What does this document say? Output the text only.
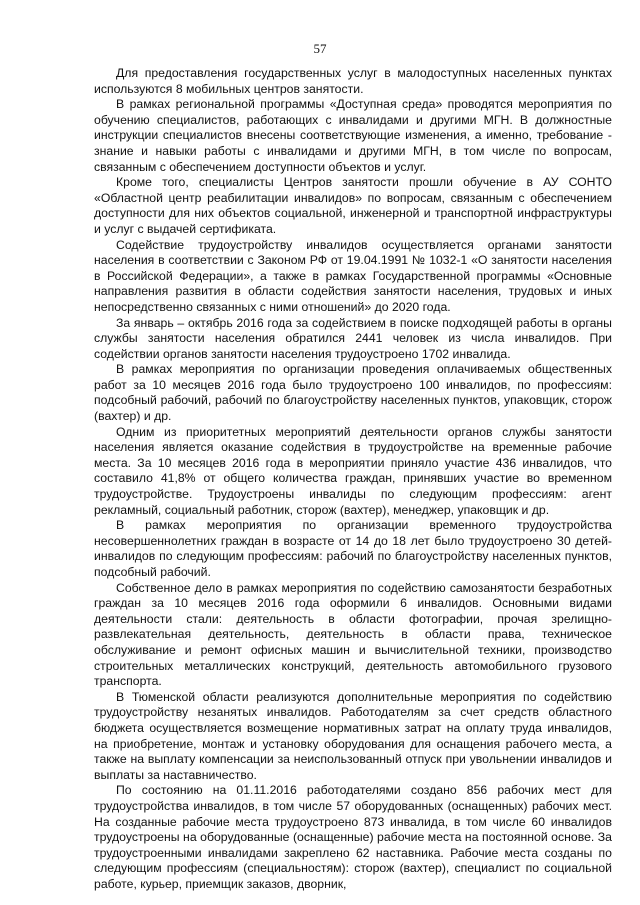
57

Для предоставления государственных услуг в малодоступных населенных пунктах используются 8 мобильных центров занятости.

В рамках региональной программы «Доступная среда» проводятся мероприятия по обучению специалистов, работающих с инвалидами и другими МГН. В должностные инструкции специалистов внесены соответствующие изменения, а именно, требование - знание и навыки работы с инвалидами и другими МГН, в том числе по вопросам, связанным с обеспечением доступности объектов и услуг.

Кроме того, специалисты Центров занятости прошли обучение в АУ СОНТО «Областной центр реабилитации инвалидов» по вопросам, связанным с обеспечением доступности для них объектов социальной, инженерной и транспортной инфраструктуры и услуг с выдачей сертификата.

Содействие трудоустройству инвалидов осуществляется органами занятости населения в соответствии с Законом РФ от 19.04.1991 № 1032-1 «О занятости населения в Российской Федерации», а также в рамках Государственной программы «Основные направления развития в области содействия занятости населения, трудовых и иных непосредственно связанных с ними отношений» до 2020 года.

За январь – октябрь 2016 года за содействием в поиске подходящей работы в органы службы занятости населения обратился 2441 человек из числа инвалидов. При содействии органов занятости населения трудоустроено 1702 инвалида.

В рамках мероприятия по организации проведения оплачиваемых общественных работ за 10 месяцев 2016 года было трудоустроено 100 инвалидов, по профессиям: подсобный рабочий, рабочий по благоустройству населенных пунктов, упаковщик, сторож (вахтер) и др.

Одним из приоритетных мероприятий деятельности органов службы занятости населения является оказание содействия в трудоустройстве на временные рабочие места. За 10 месяцев 2016 года в мероприятии приняло участие 436 инвалидов, что составило 41,8% от общего количества граждан, принявших участие во временном трудоустройстве. Трудоустроены инвалиды по следующим профессиям: агент рекламный, социальный работник, сторож (вахтер), менеджер, упаковщик и др.

В рамках мероприятия по организации временного трудоустройства несовершеннолетних граждан в возрасте от 14 до 18 лет было трудоустроено 30 детей-инвалидов по следующим профессиям: рабочий по благоустройству населенных пунктов, подсобный рабочий.

Собственное дело в рамках мероприятия по содействию самозанятости безработных граждан за 10 месяцев 2016 года оформили 6 инвалидов. Основными видами деятельности стали: деятельность в области фотографии, прочая зрелищно-развлекательная деятельность, деятельность в области права, техническое обслуживание и ремонт офисных машин и вычислительной техники, производство строительных металлических конструкций, деятельность автомобильного грузового транспорта.

В Тюменской области реализуются дополнительные мероприятия по содействию трудоустройству незанятых инвалидов. Работодателям за счет средств областного бюджета осуществляется возмещение нормативных затрат на оплату труда инвалидов, на приобретение, монтаж и установку оборудования для оснащения рабочего места, а также на выплату компенсации за неиспользованный отпуск при увольнении инвалидов и выплаты за наставничество.

По состоянию на 01.11.2016 работодателями создано 856 рабочих мест для трудоустройства инвалидов, в том числе 57 оборудованных (оснащенных) рабочих мест. На созданные рабочие места трудоустроено 873 инвалида, в том числе 60 инвалидов трудоустроены на оборудованные (оснащенные) рабочие места на постоянной основе. За трудоустроенными инвалидами закреплено 62 наставника. Рабочие места созданы по следующим профессиям (специальностям): сторож (вахтер), специалист по социальной работе, курьер, приемщик заказов, дворник,
